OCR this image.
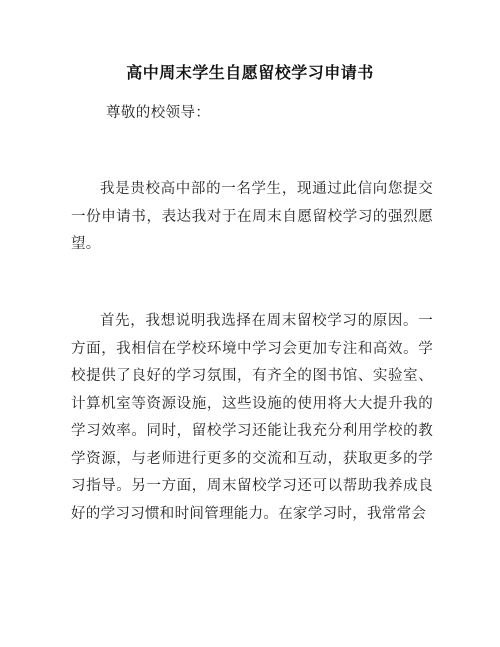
高中周末学生自愿留校学习申请书
尊敬的校领导：

我是贵校高中部的一名学生，现通过此信向您提交一份申请书，表达我对于在周末自愿留校学习的强烈愿望。

首先，我想说明我选择在周末留校学习的原因。一方面，我相信在学校环境中学习会更加专注和高效。学校提供了良好的学习氛围，有齐全的图书馆、实验室、计算机室等资源设施，这些设施的使用将大大提升我的学习效率。同时，留校学习还能让我充分利用学校的教学资源，与老师进行更多的交流和互动，获取更多的学习指导。另一方面，周末留校学习还可以帮助我养成良好的学习习惯和时间管理能力。在家学习时，我常常会
